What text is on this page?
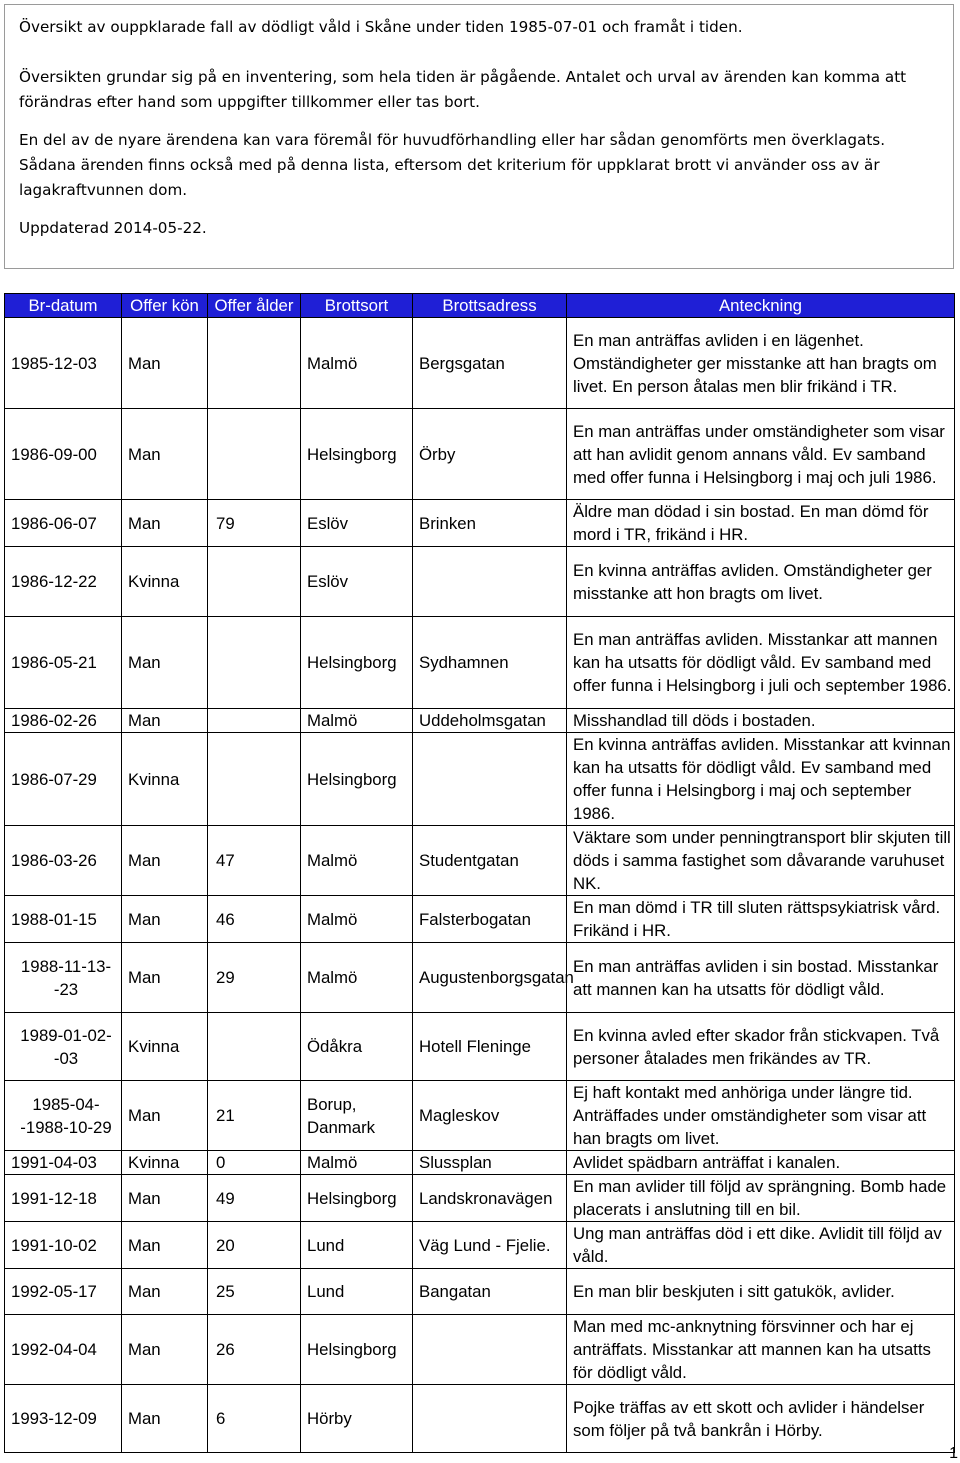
Översikt av ouppklarade fall av dödligt våld i Skåne under tiden 1985-07-01 och framåt i tiden.

Översikten grundar sig på en inventering, som hela tiden är pågående. Antalet och urval av ärenden kan komma att förändras efter hand som uppgifter tillkommer eller tas bort.

En del av de nyare ärendena kan vara föremål för huvudförhandling eller har sådan genomförts men överklagats. Sådana ärenden finns också med på denna lista, eftersom det kriterium för uppklarat brott vi använder oss av är lagakraftvunnen dom.

Uppdaterad 2014-05-22.

Br-datum	Offer kön	Offer ålder	Brottsort	Brottsadress	Anteckning
1985-12-03	Man		Malmö	Bergsgatan	En man anträffas avliden i en lägenhet. Omständigheter ger misstanke att han bragts om livet. En person åtalas men blir frikänd i TR.
1986-09-00	Man		Helsingborg	Örby	En man anträffas under omständigheter som visar att han avlidit genom annans våld. Ev samband med offer funna i Helsingborg i maj och juli 1986.
1986-06-07	Man	79	Eslöv	Brinken	Äldre man dödad i sin bostad. En man dömd för mord i TR, frikänd i HR.
1986-12-22	Kvinna		Eslöv		En kvinna anträffas avliden. Omständigheter ger misstanke att hon bragts om livet.
1986-05-21	Man		Helsingborg	Sydhamnen	En man anträffas avliden. Misstankar att mannen kan ha utsatts för dödligt våld. Ev samband med offer funna i Helsingborg i juli och september 1986.
1986-02-26	Man		Malmö	Uddeholmsgatan	Misshandlad till döds i bostaden.
1986-07-29	Kvinna		Helsingborg		En kvinna anträffas avliden. Misstankar att kvinnan kan ha utsatts för dödligt våld. Ev samband med offer funna i Helsingborg i maj och september 1986.
1986-03-26	Man	47	Malmö	Studentgatan	Väktare som under penningtransport blir skjuten till döds i samma fastighet som dåvarande varuhuset NK.
1988-01-15	Man	46	Malmö	Falsterbogatan	En man dömd i TR till sluten rättspsykiatrisk vård. Frikänd i HR.
1988-11-13--23	Man	29	Malmö	Augustenborgsgatan	En man anträffas avliden i sin bostad. Misstankar att mannen kan ha utsatts för dödligt våld.
1989-01-02--03	Kvinna		Ödåkra	Hotell Fleninge	En kvinna avled efter skador från stickvapen. Två personer åtalades men frikändes av TR.
1985-04--1988-10-29	Man	21	Borup, Danmark	Magleskov	Ej haft kontakt med anhöriga under längre tid. Anträffades under omständigheter som visar att han bragts om livet.
1991-04-03	Kvinna	0	Malmö	Slussplan	Avlidet spädbarn anträffat i kanalen.
1991-12-18	Man	49	Helsingborg	Landskronavägen	En man avlider till följd av sprängning. Bomb hade placerats i anslutning till en bil.
1991-10-02	Man	20	Lund	Väg Lund - Fjelie.	Ung man anträffas död i ett dike. Avlidit till följd av våld.
1992-05-17	Man	25	Lund	Bangatan	En man blir beskjuten i sitt gatukök, avlider.
1992-04-04	Man	26	Helsingborg		Man med mc-anknytning försvinner och har ej anträffats. Misstankar att mannen kan ha utsatts för dödligt våld.
1993-12-09	Man	6	Hörby		Pojke träffas av ett skott och avlider i händelser som följer på två bankrån i Hörby.
1
